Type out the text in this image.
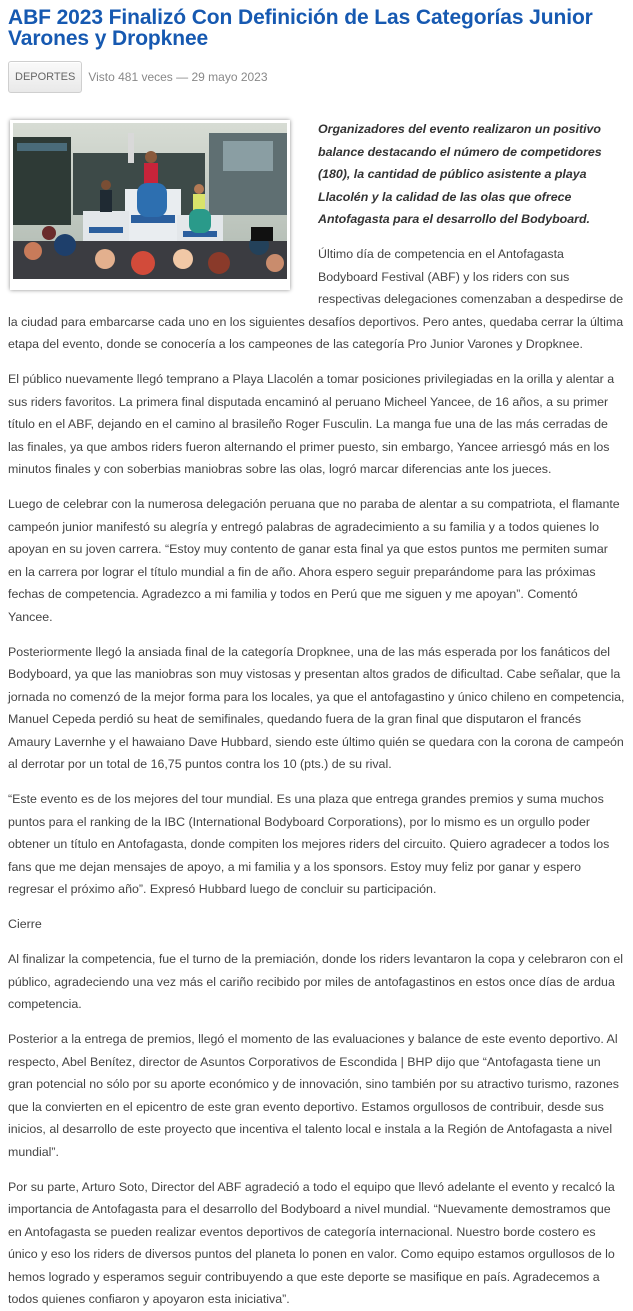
ABF 2023 Finalizó Con Definición de Las Categorías Junior Varones y Dropknee
DEPORTES	Visto 481 veces — 29 mayo 2023

Organizadores del evento realizaron un positivo balance destacando el número de competidores (180), la cantidad de público asistente a playa Llacolén y la calidad de las olas que ofrece Antofagasta para el desarrollo del Bodyboard.

Último día de competencia en el Antofagasta Bodyboard Festival (ABF) y los riders con sus respectivas delegaciones comenzaban a despedirse de la ciudad para embarcarse cada uno en los siguientes desafíos deportivos. Pero antes, quedaba cerrar la última etapa del evento, donde se conocería a los campeones de las categoría Pro Junior Varones y Dropknee.

El público nuevamente llegó temprano a Playa Llacolén a tomar posiciones privilegiadas en la orilla y alentar a sus riders favoritos. La primera final disputada encaminó al peruano Micheel Yancee, de 16 años, a su primer título en el ABF, dejando en el camino al brasileño Roger Fusculin. La manga fue una de las más cerradas de las finales, ya que ambos riders fueron alternando el primer puesto, sin embargo, Yancee arriesgó más en los minutos finales y con soberbias maniobras sobre las olas, logró marcar diferencias ante los jueces.

Luego de celebrar con la numerosa delegación peruana que no paraba de alentar a su compatriota, el flamante campeón junior manifestó su alegría y entregó palabras de agradecimiento a su familia y a todos quienes lo apoyan en su joven carrera. “Estoy muy contento de ganar esta final ya que estos puntos me permiten sumar en la carrera por lograr el título mundial a fin de año. Ahora espero seguir preparándome para las próximas fechas de competencia. Agradezco a mi familia y todos en Perú que me siguen y me apoyan”. Comentó Yancee.

Posteriormente llegó la ansiada final de la categoría Dropknee, una de las más esperada por los fanáticos del Bodyboard, ya que las maniobras son muy vistosas y presentan altos grados de dificultad. Cabe señalar, que la jornada no comenzó de la mejor forma para los locales, ya que el antofagastino y único chileno en competencia, Manuel Cepeda perdió su heat de semifinales, quedando fuera de la gran final que disputaron el francés Amaury Lavernhe y el hawaiano Dave Hubbard, siendo este último quién se quedara con la corona de campeón al derrotar por un total de 16,75 puntos contra los 10 (pts.) de su rival.

“Este evento es de los mejores del tour mundial. Es una plaza que entrega grandes premios y suma muchos puntos para el ranking de la IBC (International Bodyboard Corporations), por lo mismo es un orgullo poder obtener un título en Antofagasta, donde compiten los mejores riders del circuito. Quiero agradecer a todos los fans que me dejan mensajes de apoyo, a mi familia y a los sponsors. Estoy muy feliz por ganar y espero regresar el próximo año”. Expresó Hubbard luego de concluir su participación.

Cierre

Al finalizar la competencia, fue el turno de la premiación, donde los riders levantaron la copa y celebraron con el público, agradeciendo una vez más el cariño recibido por miles de antofagastinos en estos once días de ardua competencia.

Posterior a la entrega de premios, llegó el momento de las evaluaciones y balance de este evento deportivo. Al respecto, Abel Benítez, director de Asuntos Corporativos de Escondida | BHP dijo que “Antofagasta tiene un gran potencial no sólo por su aporte económico y de innovación, sino también por su atractivo turismo, razones que la convierten en el epicentro de este gran evento deportivo. Estamos orgullosos de contribuir, desde sus inicios, al desarrollo de este proyecto que incentiva el talento local e instala a la Región de Antofagasta a nivel mundial”.

Por su parte, Arturo Soto, Director del ABF agradeció a todo el equipo que llevó adelante el evento y recalcó la importancia de Antofagasta para el desarrollo del Bodyboard a nivel mundial. “Nuevamente demostramos que en Antofagasta se pueden realizar eventos deportivos de categoría internacional. Nuestro borde costero es único y eso los riders de diversos puntos del planeta lo ponen en valor. Como equipo estamos orgullosos de lo hemos logrado y esperamos seguir contribuyendo a que este deporte se masifique en país. Agradecemos a todos quienes confiaron y apoyaron esta iniciativa”.
